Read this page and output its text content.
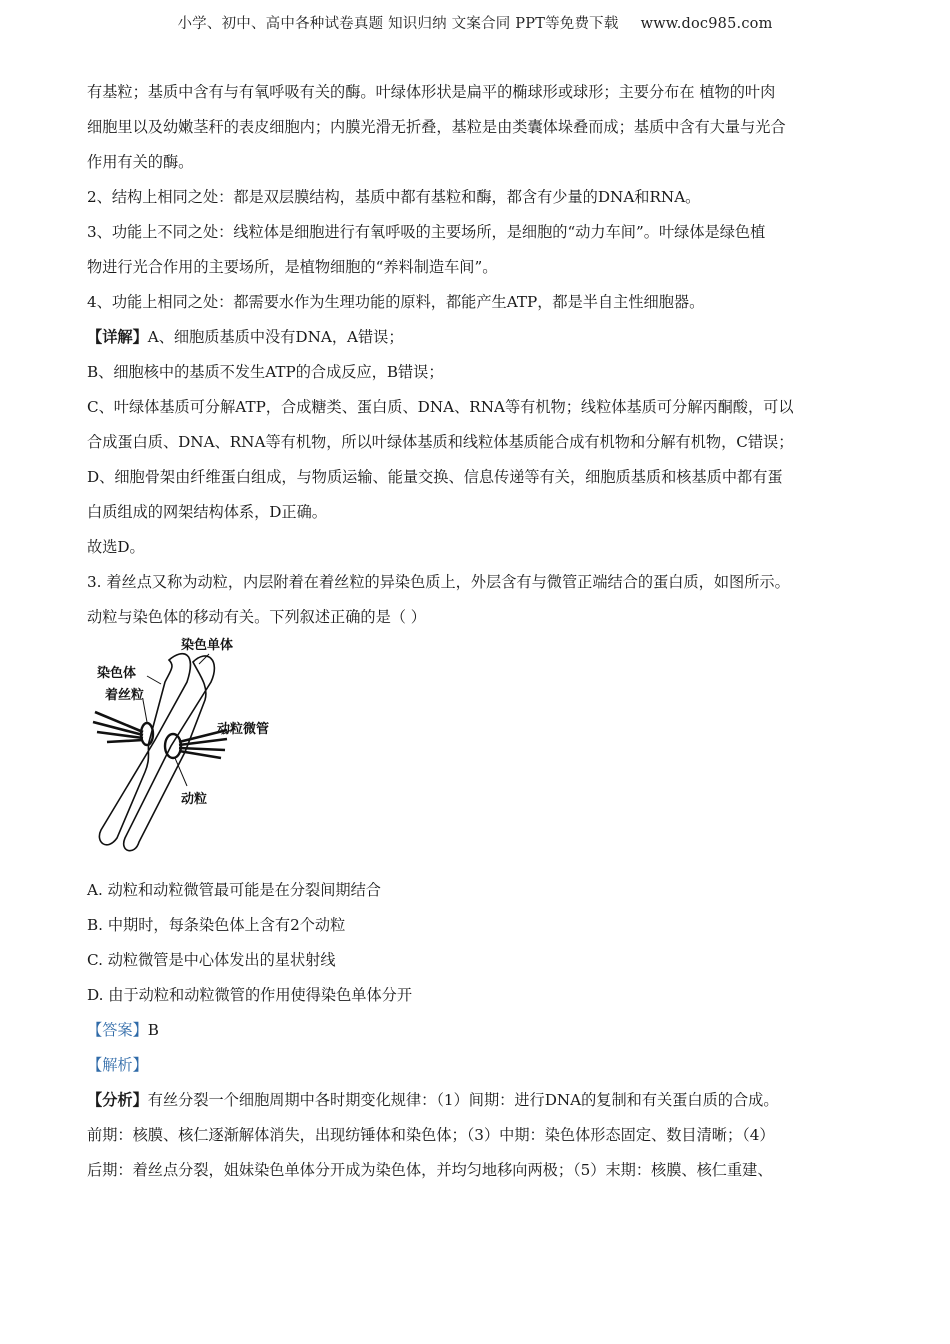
小学、初中、高中各种试卷真题 知识归纳 文案合同 PPT等免费下载 www.doc985.com
有基粒；基质中含有与有氧呼吸有关的酶。叶绿体形状是扁平的椭球形或球形；主要分布在 植物的叶肉
细胞里以及幼嫩茎秆的表皮细胞内；内膜光滑无折叠，基粒是由类囊体垛叠而成；基质中含有大量与光合
作用有关的酶。
2、结构上相同之处：都是双层膜结构，基质中都有基粒和酶，都含有少量的DNA和RNA。
3、功能上不同之处：线粒体是细胞进行有氧呼吸的主要场所，是细胞的“动力车间”。叶绿体是绿色植
物进行光合作用的主要场所，是植物细胞的“养料制造车间”。
4、功能上相同之处：都需要水作为生理功能的原料，都能产生ATP，都是半自主性细胞器。
【详解】A、细胞质基质中没有DNA，A错误；
B、细胞核中的基质不发生ATP的合成反应，B错误；
C、叶绿体基质可分解ATP，合成糖类、蛋白质、DNA、RNA等有机物；线粒体基质可分解丙酮酸，可以
合成蛋白质、DNA、RNA等有机物，所以叶绿体基质和线粒体基质能合成有机物和分解有机物，C错误；
D、细胞骨架由纤维蛋白组成，与物质运输、能量交换、信息传递等有关，细胞质基质和核基质中都有蛋
白质组成的网架结构体系，D正确。
故选D。
3. 着丝点又称为动粒，内层附着在着丝粒的异染色质上，外层含有与微管正端结合的蛋白质，如图所示。
动粒与染色体的移动有关。下列叙述正确的是（ ）
染色单体
染色体
着丝粒
动粒微管
动粒
A. 动粒和动粒微管最可能是在分裂间期结合
B. 中期时，每条染色体上含有2个动粒
C. 动粒微管是中心体发出的星状射线
D. 由于动粒和动粒微管的作用使得染色单体分开
【答案】B
【解析】
【分析】有丝分裂一个细胞周期中各时期变化规律：（1）间期：进行DNA的复制和有关蛋白质的合成。
前期：核膜、核仁逐渐解体消失，出现纺锤体和染色体；（3）中期：染色体形态固定、数目清晰；（4）
后期：着丝点分裂，姐妹染色单体分开成为染色体，并均匀地移向两极；（5）末期：核膜、核仁重建、
